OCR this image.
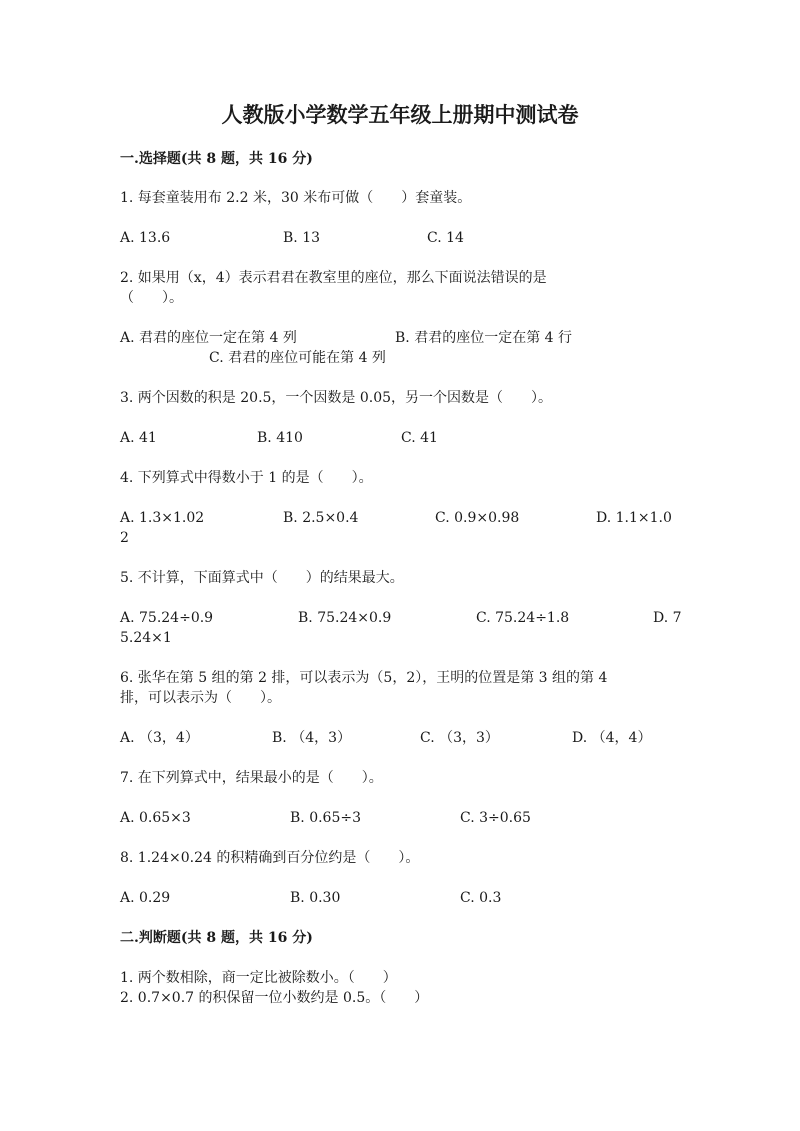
人教版小学数学五年级上册期中测试卷
一.选择题(共 8 题，共 16 分)
1. 每套童装用布 2.2 米，30 米布可做（　　）套童装。
A. 13.6	B. 13	C. 14
2. 如果用（x，4）表示君君在教室里的座位，那么下面说法错误的是
（　　）。
A. 君君的座位一定在第 4 列	B. 君君的座位一定在第 4 行
C. 君君的座位可能在第 4 列
3. 两个因数的积是 20.5，一个因数是 0.05，另一个因数是（　　）。
A. 41	B. 410	C. 41
4. 下列算式中得数小于 1 的是（　　）。
A. 1.3×1.02	B. 2.5×0.4	C. 0.9×0.98	D. 1.1×1.0
2
5. 不计算，下面算式中（　　）的结果最大。
A. 75.24÷0.9	B. 75.24×0.9	C. 75.24÷1.8	D. 7
5.24×1
6. 张华在第 5 组的第 2 排，可以表示为（5，2），王明的位置是第 3 组的第 4
排，可以表示为（　　）。
A. （3，4）	B. （4，3）	C. （3，3）	D. （4，4）
7. 在下列算式中，结果最小的是（　　）。
A. 0.65×3	B. 0.65÷3	C. 3÷0.65
8. 1.24×0.24 的积精确到百分位约是（　　）。
A. 0.29	B. 0.30	C. 0.3
二.判断题(共 8 题，共 16 分)
1. 两个数相除，商一定比被除数小。（　　）
2. 0.7×0.7 的积保留一位小数约是 0.5。（　　）
